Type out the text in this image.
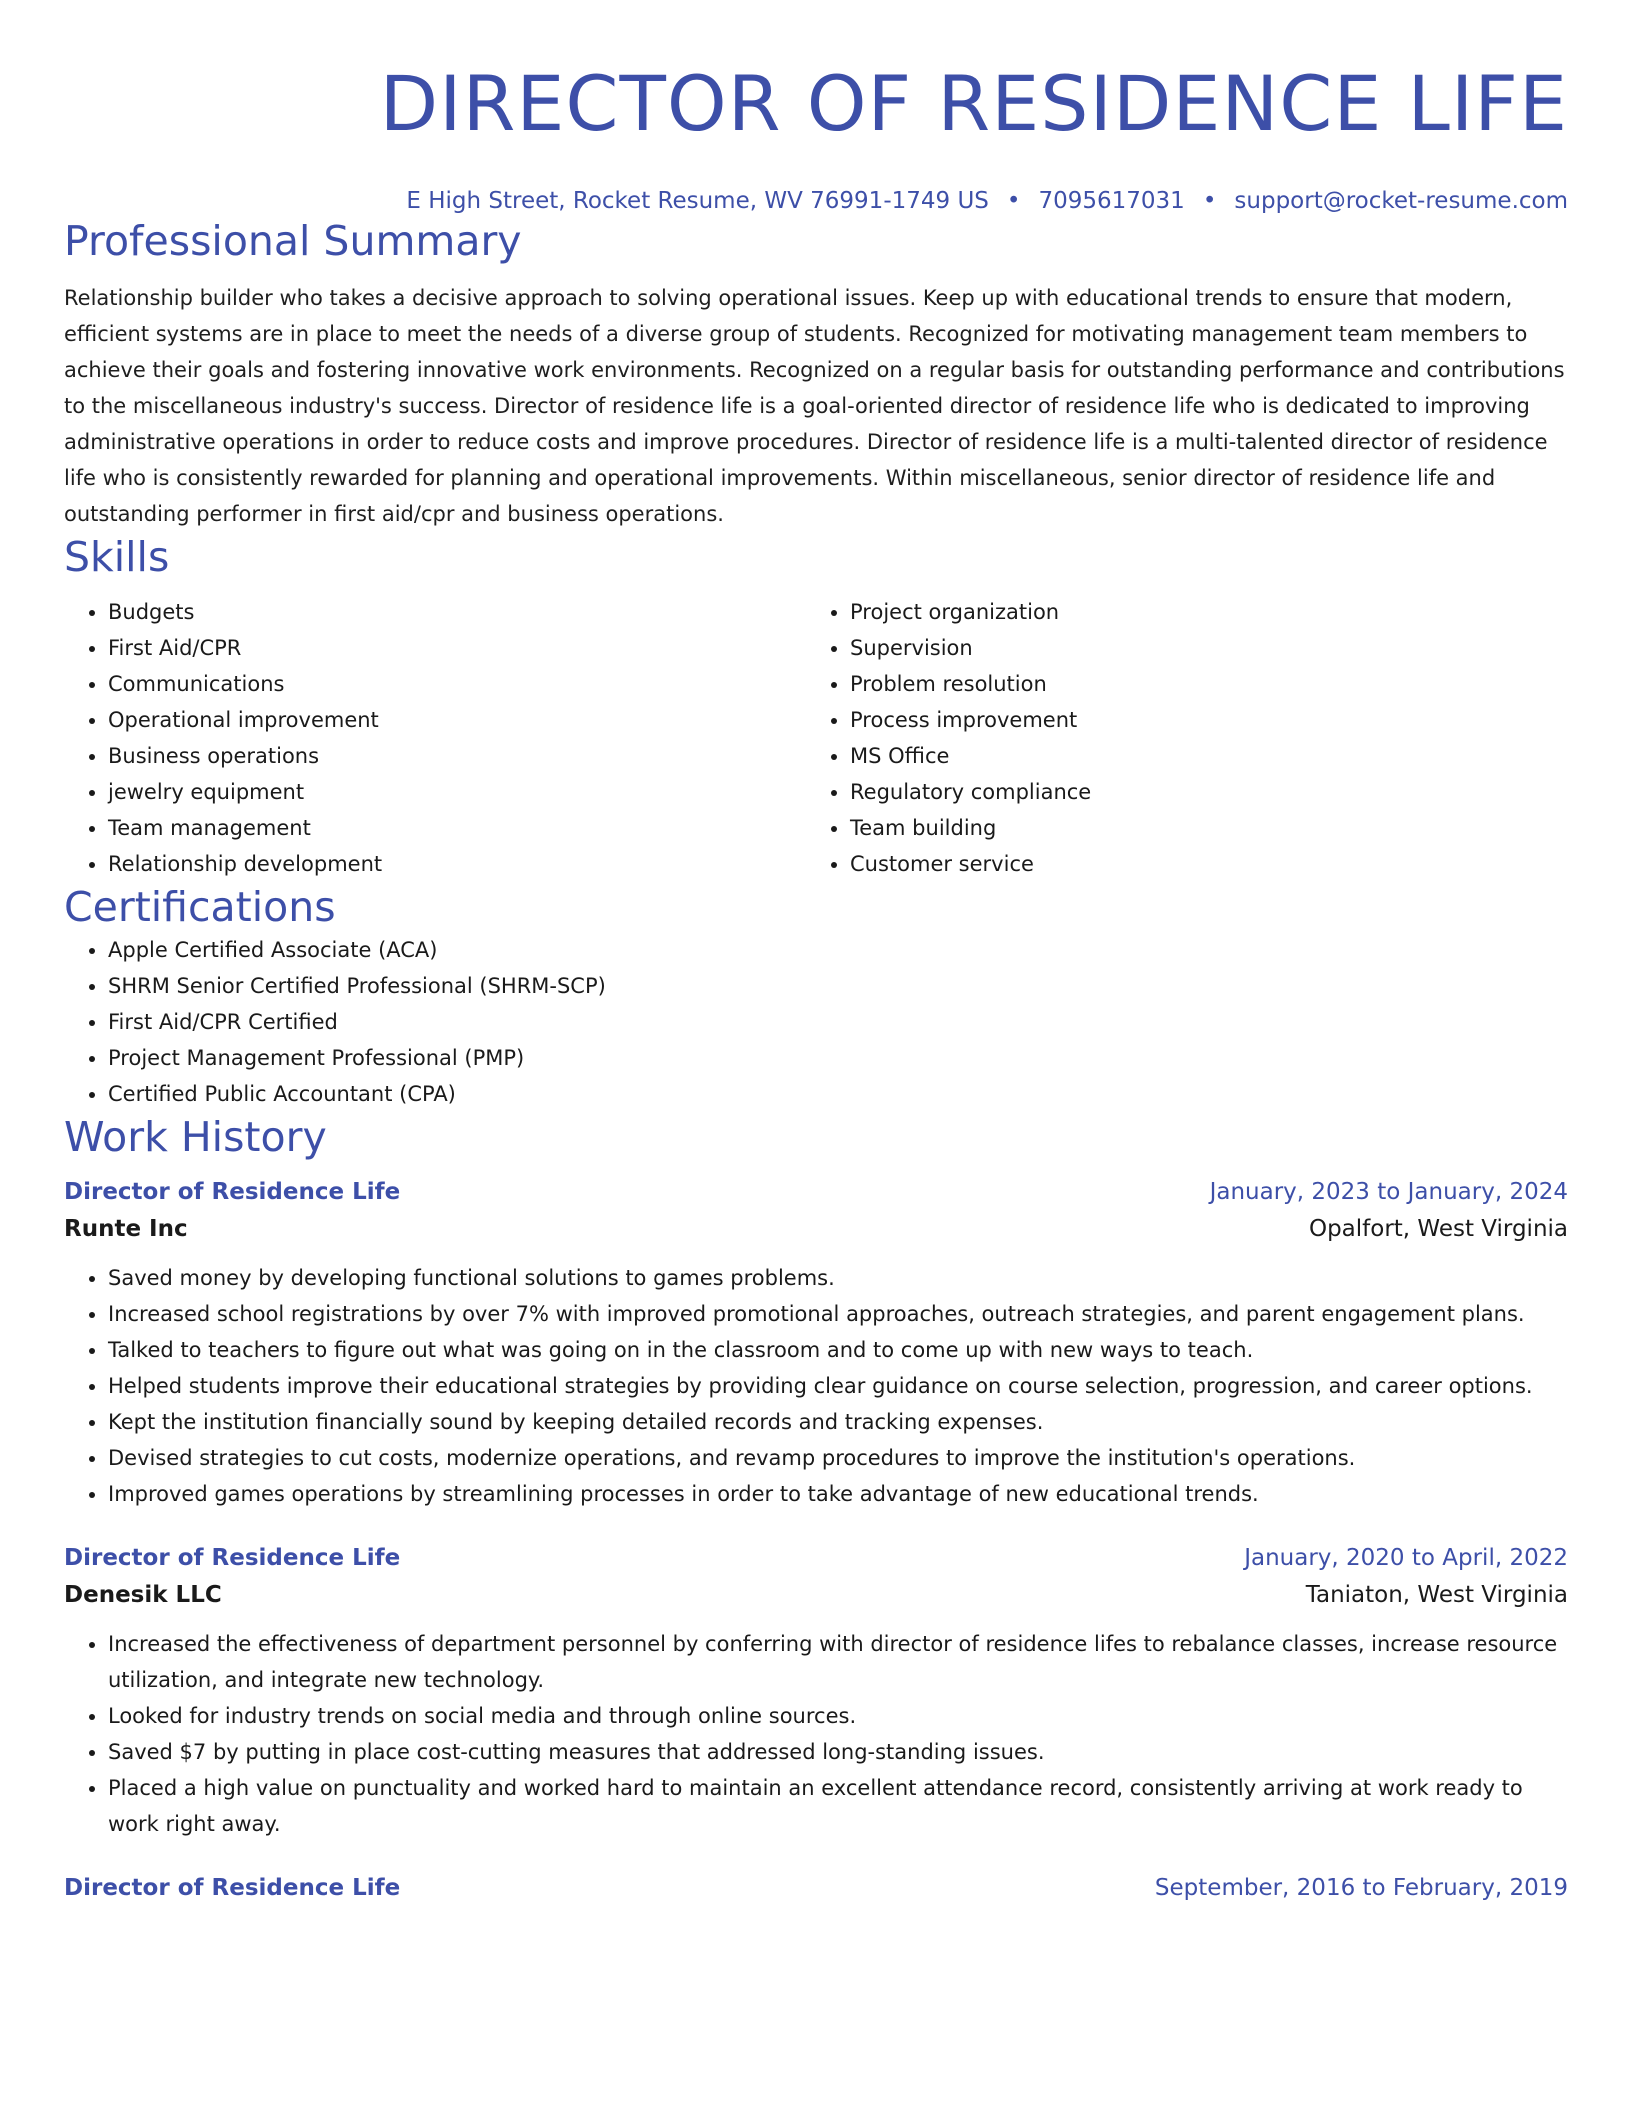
DIRECTOR OF RESIDENCE LIFE
E High Street, Rocket Resume, WV 76991-1749 US • 7095617031 • support@rocket-resume.com
Professional Summary
Relationship builder who takes a decisive approach to solving operational issues. Keep up with educational trends to ensure that modern, efficient systems are in place to meet the needs of a diverse group of students. Recognized for motivating management team members to achieve their goals and fostering innovative work environments. Recognized on a regular basis for outstanding performance and contributions to the miscellaneous industry's success. Director of residence life is a goal-oriented director of residence life who is dedicated to improving administrative operations in order to reduce costs and improve procedures. Director of residence life is a multi-talented director of residence life who is consistently rewarded for planning and operational improvements. Within miscellaneous, senior director of residence life and outstanding performer in first aid/cpr and business operations.
Skills
• Budgets
• First Aid/CPR
• Communications
• Operational improvement
• Business operations
• jewelry equipment
• Team management
• Relationship development
• Project organization
• Supervision
• Problem resolution
• Process improvement
• MS Office
• Regulatory compliance
• Team building
• Customer service
Certifications
• Apple Certified Associate (ACA)
• SHRM Senior Certified Professional (SHRM-SCP)
• First Aid/CPR Certified
• Project Management Professional (PMP)
• Certified Public Accountant (CPA)
Work History
Director of Residence Life	January, 2023 to January, 2024
Runte Inc	Opalfort, West Virginia
• Saved money by developing functional solutions to games problems.
• Increased school registrations by over 7% with improved promotional approaches, outreach strategies, and parent engagement plans.
• Talked to teachers to figure out what was going on in the classroom and to come up with new ways to teach.
• Helped students improve their educational strategies by providing clear guidance on course selection, progression, and career options.
• Kept the institution financially sound by keeping detailed records and tracking expenses.
• Devised strategies to cut costs, modernize operations, and revamp procedures to improve the institution's operations.
• Improved games operations by streamlining processes in order to take advantage of new educational trends.
Director of Residence Life	January, 2020 to April, 2022
Denesik LLC	Taniaton, West Virginia
• Increased the effectiveness of department personnel by conferring with director of residence lifes to rebalance classes, increase resource utilization, and integrate new technology.
• Looked for industry trends on social media and through online sources.
• Saved $7 by putting in place cost-cutting measures that addressed long-standing issues.
• Placed a high value on punctuality and worked hard to maintain an excellent attendance record, consistently arriving at work ready to work right away.
Director of Residence Life	September, 2016 to February, 2019
